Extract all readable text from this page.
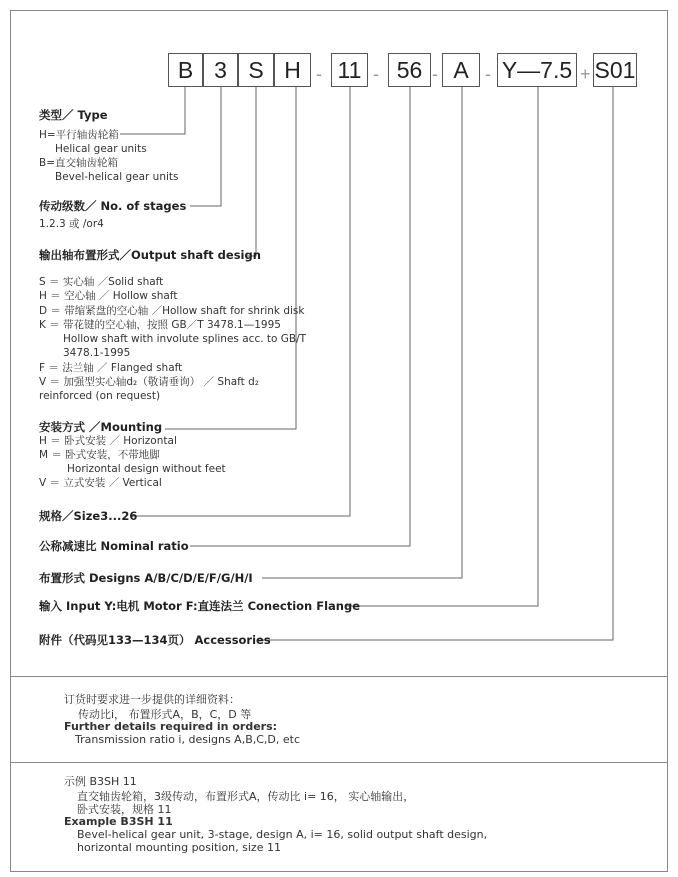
B 3 S H	11	56	A	Y—7.5 S01
-	-	-	-	+
类型／ Type
H=平行轴齿轮箱
Helical gear units
B=直交轴齿轮箱
Bevel-helical gear units
传动级数／ No. of stages
1.2.3 或 /or4
输出轴布置形式／Output shaft design
S ＝ 实心轴 ／Solid shaft
H ＝ 空心轴 ／ Hollow shaft
D ＝ 带缩紧盘的空心轴 ／Hollow shaft for shrink disk
K ＝ 带花键的空心轴，按照 GB／T 3478.1—1995
Hollow shaft with involute splines acc. to GB/T
3478.1-1995
F ＝ 法兰轴 ／ Flanged shaft
V ＝ 加强型实心轴d₂（敬请垂询） ／ Shaft d₂
reinforced (on request)
安装方式 ／Mounting
H ＝ 卧式安装 ／ Horizontal
M ＝ 卧式安装，不带地脚
Horizontal design without feet
V ＝ 立式安装 ／ Vertical
规格／Size3...26
公称减速比 Nominal ratio
布置形式 Designs A/B/C/D/E/F/G/H/I
输入 Input Y:电机 Motor F:直连法兰 Conection Flange
附件（代码见133—134页） Accessories
订货时要求进一步提供的详细资料：
传动比i， 布置形式A，B，C，D 等
Further details required in orders:
Transmission ratio i, designs A,B,C,D, etc
示例 B3SH 11
直交轴齿轮箱，3级传动，布置形式A，传动比 i= 16， 实心轴输出，
卧式安装，规格 11
Example B3SH 11
Bevel-helical gear unit, 3-stage, design A, i= 16, solid output shaft design,
horizontal mounting position, size 11
